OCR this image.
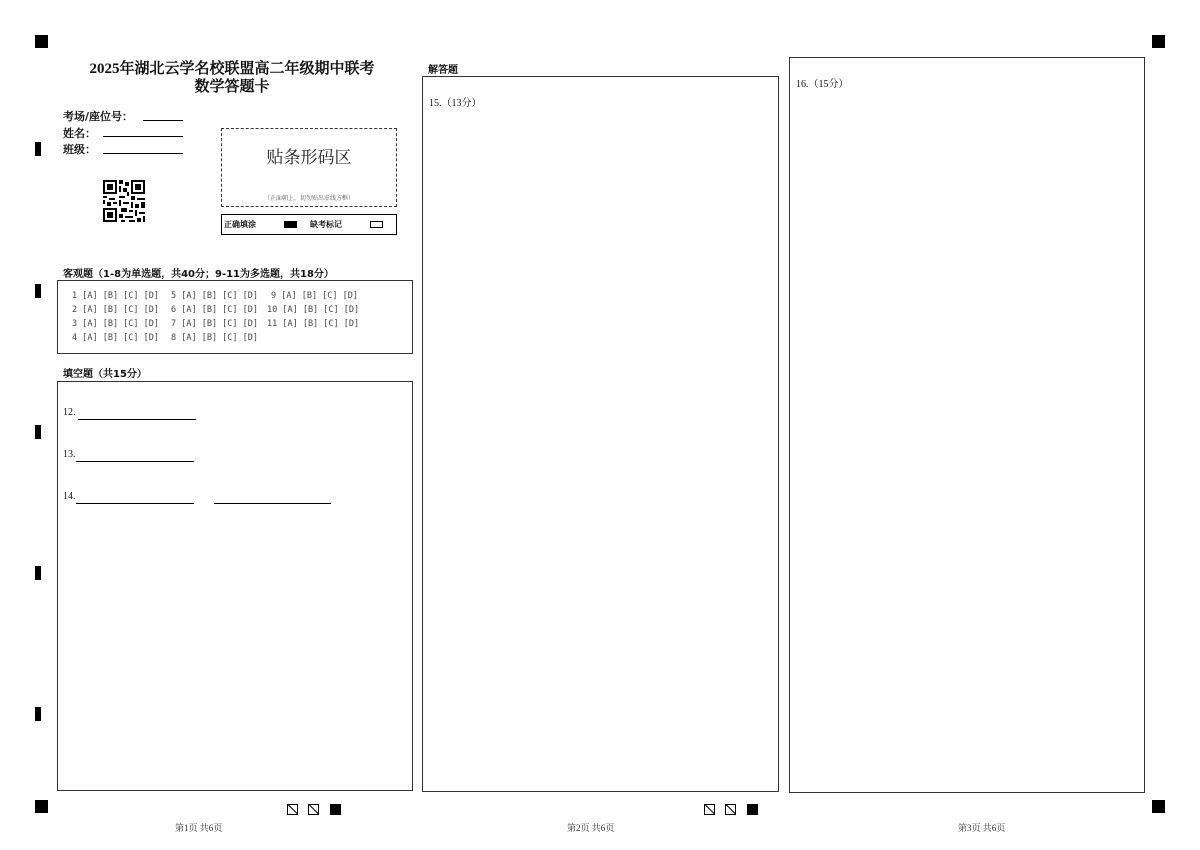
2025年湖北云学名校联盟高二年级期中联考
数学答题卡
考场/座位号：
姓名：
班级：	贴条形码区
（正面朝上，切勿贴出虚线方框）
正确填涂	缺考标记
客观题（1-8为单选题，共40分；9-11为多选题，共18分）
1 [A] [B] [C] [D] 5 [A] [B] [C] [D] 9 [A] [B] [C] [D]
2 [A] [B] [C] [D] 6 [A] [B] [C] [D] 10 [A] [B] [C] [D]
3 [A] [B] [C] [D] 7 [A] [B] [C] [D] 11 [A] [B] [C] [D]
4 [A] [B] [C] [D] 8 [A] [B] [C] [D]
填空题（共15分）
12.
13.
14.
解答题
15.（13分）
16.（15分）
第1页 共6页	第2页 共6页	第3页 共6页
